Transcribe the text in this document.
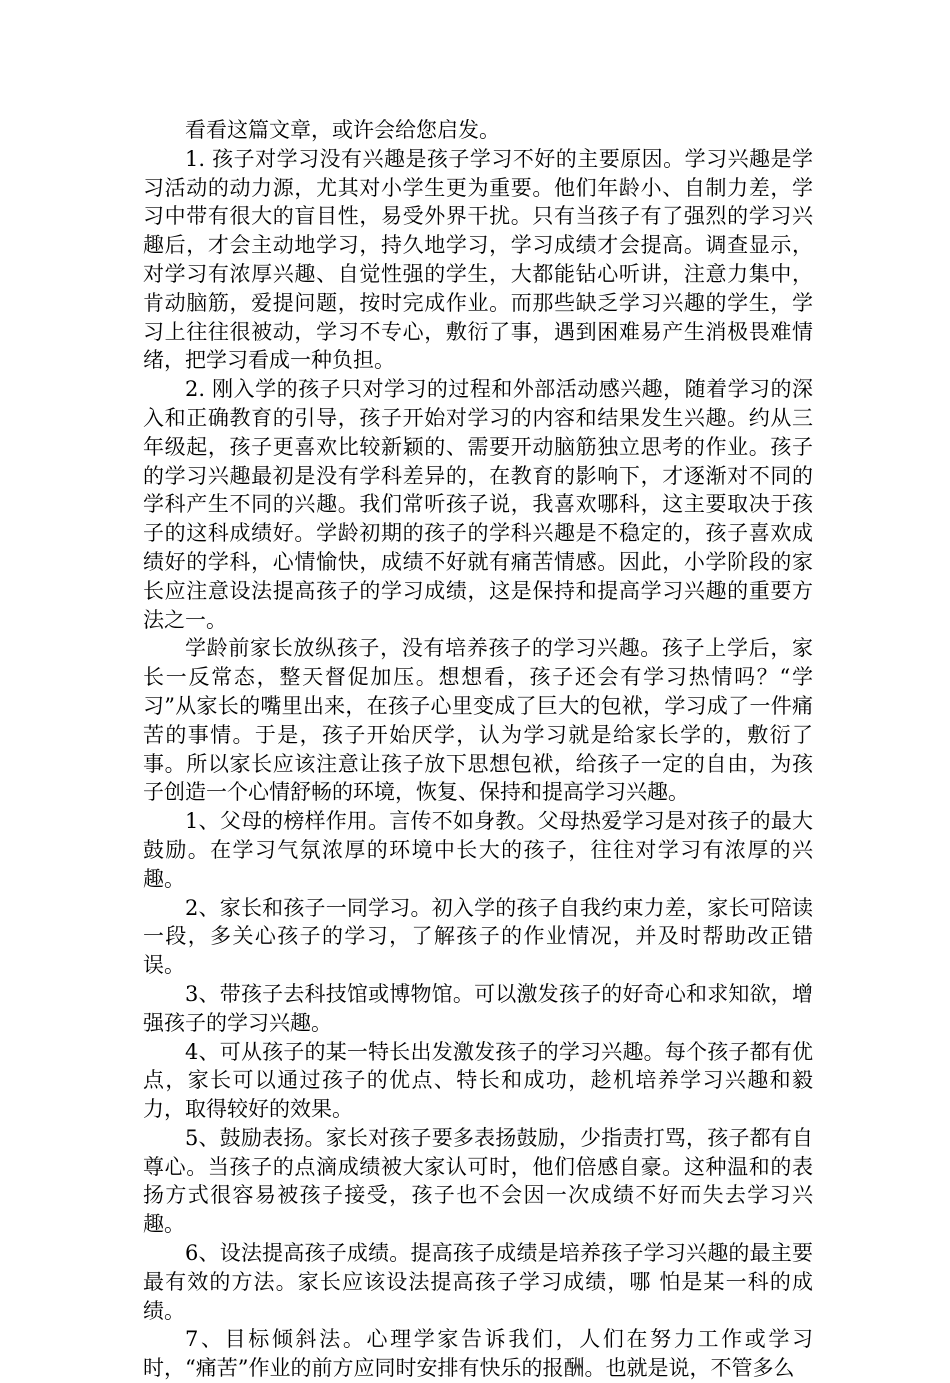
看看这篇文章，或许会给您启发。

1. 孩子对学习没有兴趣是孩子学习不好的主要原因。学习兴趣是学习活动的动力源，尤其对小学生更为重要。他们年龄小、自制力差，学习中带有很大的盲目性，易受外界干扰。只有当孩子有了强烈的学习兴趣后，才会主动地学习，持久地学习，学习成绩才会提高。调查显示，对学习有浓厚兴趣、自觉性强的学生，大都能钻心听讲，注意力集中，肯动脑筋，爱提问题，按时完成作业。而那些缺乏学习兴趣的学生，学习上往往很被动，学习不专心，敷衍了事，遇到困难易产生消极畏难情绪，把学习看成一种负担。

2. 刚入学的孩子只对学习的过程和外部活动感兴趣，随着学习的深入和正确教育的引导，孩子开始对学习的内容和结果发生兴趣。约从三年级起，孩子更喜欢比较新颖的、需要开动脑筋独立思考的作业。孩子的学习兴趣最初是没有学科差异的，在教育的影响下，才逐渐对不同的学科产生不同的兴趣。我们常听孩子说，我喜欢哪科，这主要取决于孩子的这科成绩好。学龄初期的孩子的学科兴趣是不稳定的，孩子喜欢成绩好的学科，心情愉快，成绩不好就有痛苦情感。因此，小学阶段的家长应注意设法提高孩子的学习成绩，这是保持和提高学习兴趣的重要方法之一。

学龄前家长放纵孩子，没有培养孩子的学习兴趣。孩子上学后，家长一反常态，整天督促加压。想想看，孩子还会有学习热情吗？“学习”从家长的嘴里出来，在孩子心里变成了巨大的包袱，学习成了一件痛苦的事情。于是，孩子开始厌学，认为学习就是给家长学的，敷衍了事。所以家长应该注意让孩子放下思想包袱，给孩子一定的自由，为孩子创造一个心情舒畅的环境，恢复、保持和提高学习兴趣。

1、父母的榜样作用。言传不如身教。父母热爱学习是对孩子的最大鼓励。在学习气氛浓厚的环境中长大的孩子，往往对学习有浓厚的兴趣。

2、家长和孩子一同学习。初入学的孩子自我约束力差，家长可陪读一段，多关心孩子的学习，了解孩子的作业情况，并及时帮助改正错误。

3、带孩子去科技馆或博物馆。可以激发孩子的好奇心和求知欲，增强孩子的学习兴趣。

4、可从孩子的某一特长出发激发孩子的学习兴趣。每个孩子都有优点，家长可以通过孩子的优点、特长和成功，趁机培养学习兴趣和毅力，取得较好的效果。

5、鼓励表扬。家长对孩子要多表扬鼓励，少指责打骂，孩子都有自尊心。当孩子的点滴成绩被大家认可时，他们倍感自豪。这种温和的表扬方式很容易被孩子接受，孩子也不会因一次成绩不好而失去学习兴趣。

6、设法提高孩子成绩。提高孩子成绩是培养孩子学习兴趣的最主要最有效的方法。家长应该设法提高孩子学习成绩，哪 怕是某一科的成绩。

7、目标倾斜法。心理学家告诉我们，人们在努力工作或学习时，“痛苦”作业的前方应同时安排有快乐的报酬。也就是说，不管多么
